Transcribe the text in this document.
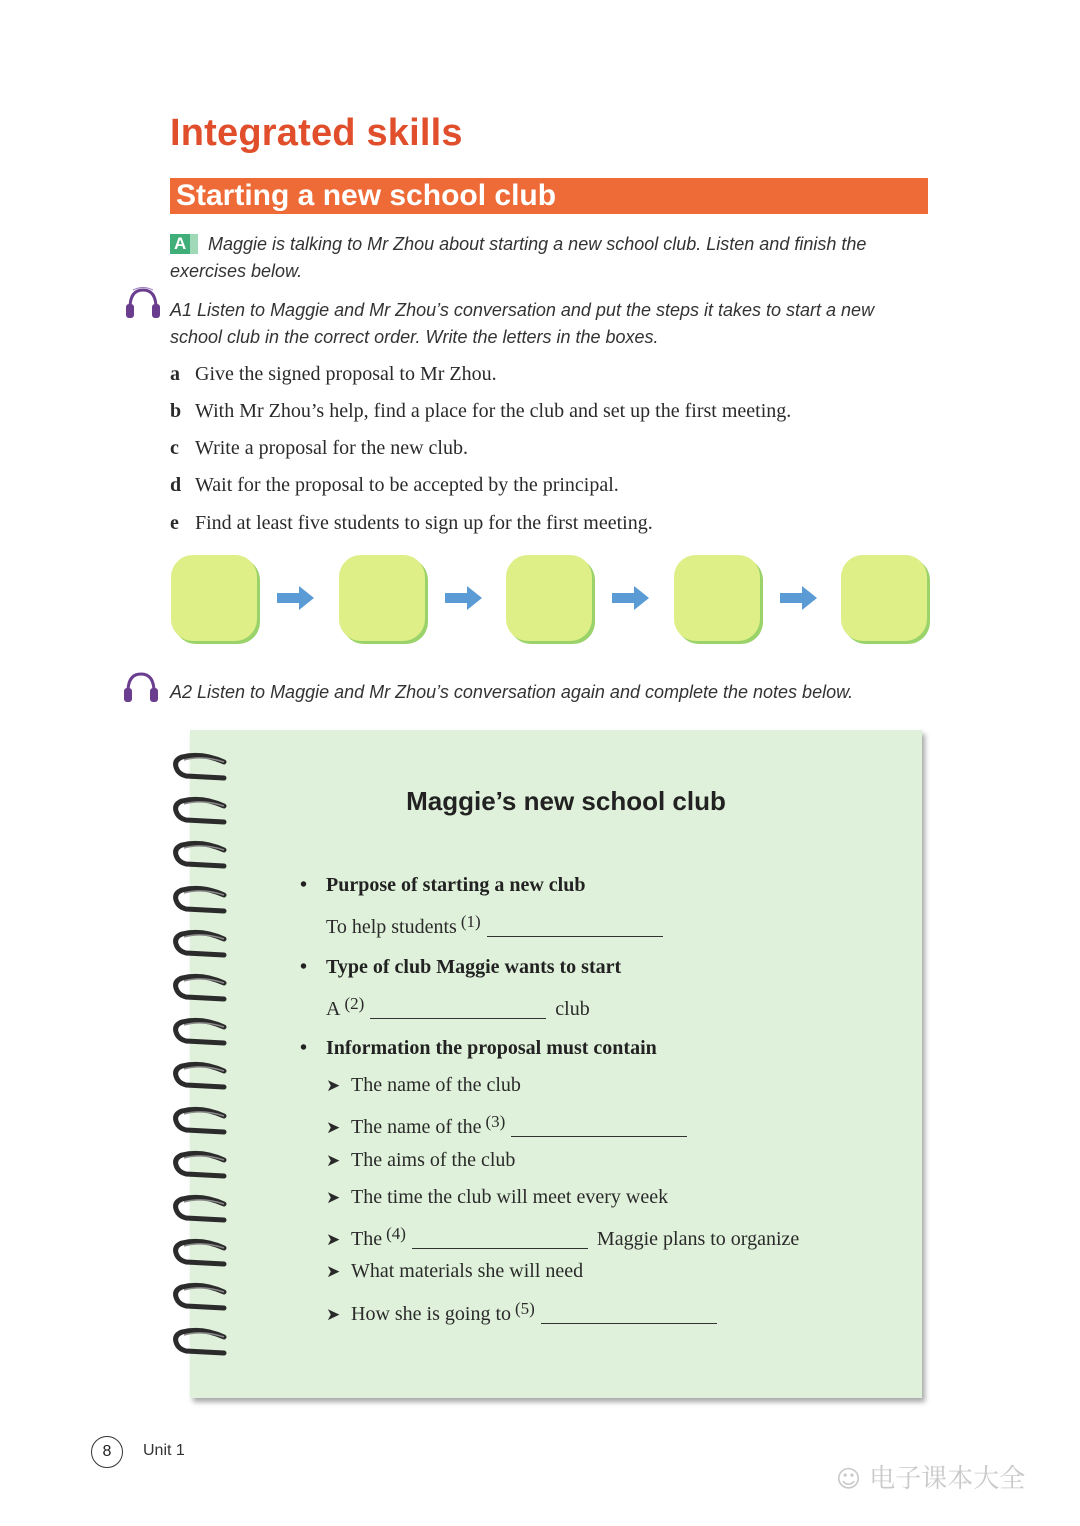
Integrated skills
Starting a new school club
A Maggie is talking to Mr Zhou about starting a new school club. Listen and finish the
exercises below.
A1 Listen to Maggie and Mr Zhou’s conversation and put the steps it takes to start a new
school club in the correct order. Write the letters in the boxes.
a Give the signed proposal to Mr Zhou.
b With Mr Zhou’s help, find a place for the club and set up the first meeting.
c Write a proposal for the new club.
d Wait for the proposal to be accepted by the principal.
e Find at least five students to sign up for the first meeting.
A2 Listen to Maggie and Mr Zhou’s conversation again and complete the notes below.
Maggie’s new school club
• Purpose of starting a new club
To help students $^{(1)}$
• Type of club Maggie wants to start
A $^{(2)}$	club
• Information the proposal must contain
➤ The name of the club
➤ The name of the $^{(3)}$
➤ The aims of the club
➤ The time the club will meet every week
➤ The $^{(4)}$	Maggie plans to organize
➤ What materials she will need
➤ How she is going to $^{(5)}$
8	Unit 1
☺ 电子课本大全
